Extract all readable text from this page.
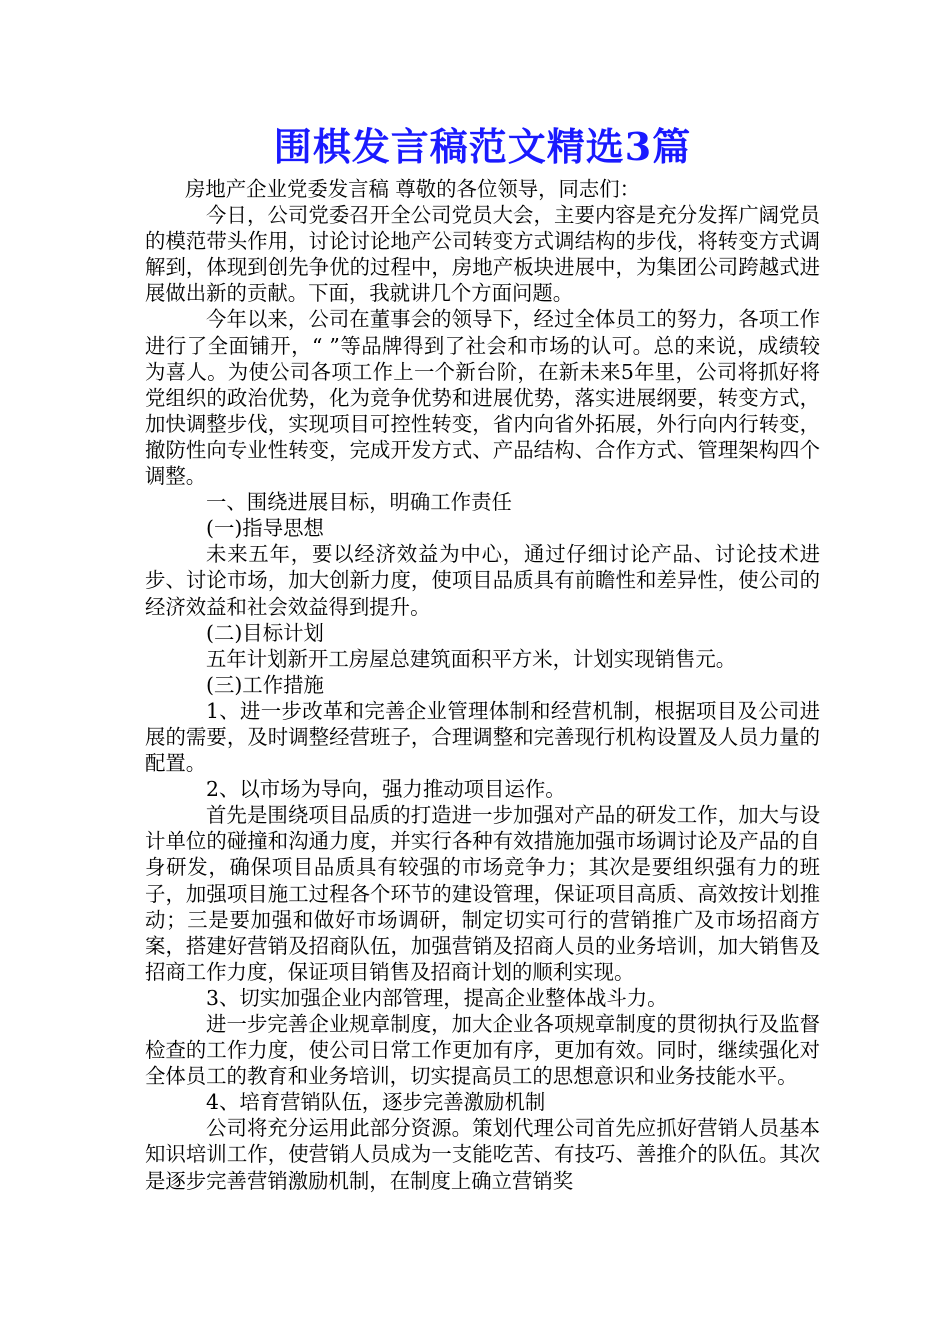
围棋发言稿范文精选3篇

房地产企业党委发言稿 尊敬的各位领导，同志们：

今日，公司党委召开全公司党员大会，主要内容是充分发挥广阔党员的模范带头作用，讨论讨论地产公司转变方式调结构的步伐，将转变方式调解到，体现到创先争优的过程中，房地产板块进展中，为集团公司跨越式进展做出新的贡献。下面，我就讲几个方面问题。

今年以来，公司在董事会的领导下，经过全体员工的努力，各项工作进行了全面铺开，“ ”等品牌得到了社会和市场的认可。总的来说，成绩较为喜人。为使公司各项工作上一个新台阶，在新未来5年里，公司将抓好将党组织的政治优势，化为竞争优势和进展优势，落实进展纲要，转变方式，加快调整步伐，实现项目可控性转变，省内向省外拓展，外行向内行转变，撤防性向专业性转变，完成开发方式、产品结构、合作方式、管理架构四个调整。

一、围绕进展目标，明确工作责任

(一)指导思想

未来五年，要以经济效益为中心，通过仔细讨论产品、讨论技术进步、讨论市场，加大创新力度，使项目品质具有前瞻性和差异性，使公司的经济效益和社会效益得到提升。

(二)目标计划

五年计划新开工房屋总建筑面积平方米，计划实现销售元。

(三)工作措施

1、进一步改革和完善企业管理体制和经营机制，根据项目及公司进展的需要，及时调整经营班子，合理调整和完善现行机构设置及人员力量的配置。

2、以市场为导向，强力推动项目运作。

首先是围绕项目品质的打造进一步加强对产品的研发工作，加大与设计单位的碰撞和沟通力度，并实行各种有效措施加强市场调讨论及产品的自身研发，确保项目品质具有较强的市场竞争力；其次是要组织强有力的班子，加强项目施工过程各个环节的建设管理，保证项目高质、高效按计划推动；三是要加强和做好市场调研，制定切实可行的营销推广及市场招商方案，搭建好营销及招商队伍，加强营销及招商人员的业务培训，加大销售及招商工作力度，保证项目销售及招商计划的顺利实现。

3、切实加强企业内部管理，提高企业整体战斗力。

进一步完善企业规章制度，加大企业各项规章制度的贯彻执行及监督检查的工作力度，使公司日常工作更加有序，更加有效。同时，继续强化对全体员工的教育和业务培训，切实提高员工的思想意识和业务技能水平。

4、培育营销队伍，逐步完善激励机制

公司将充分运用此部分资源。策划代理公司首先应抓好营销人员基本知识培训工作，使营销人员成为一支能吃苦、有技巧、善推介的队伍。其次是逐步完善营销激励机制，在制度上确立营销奖
